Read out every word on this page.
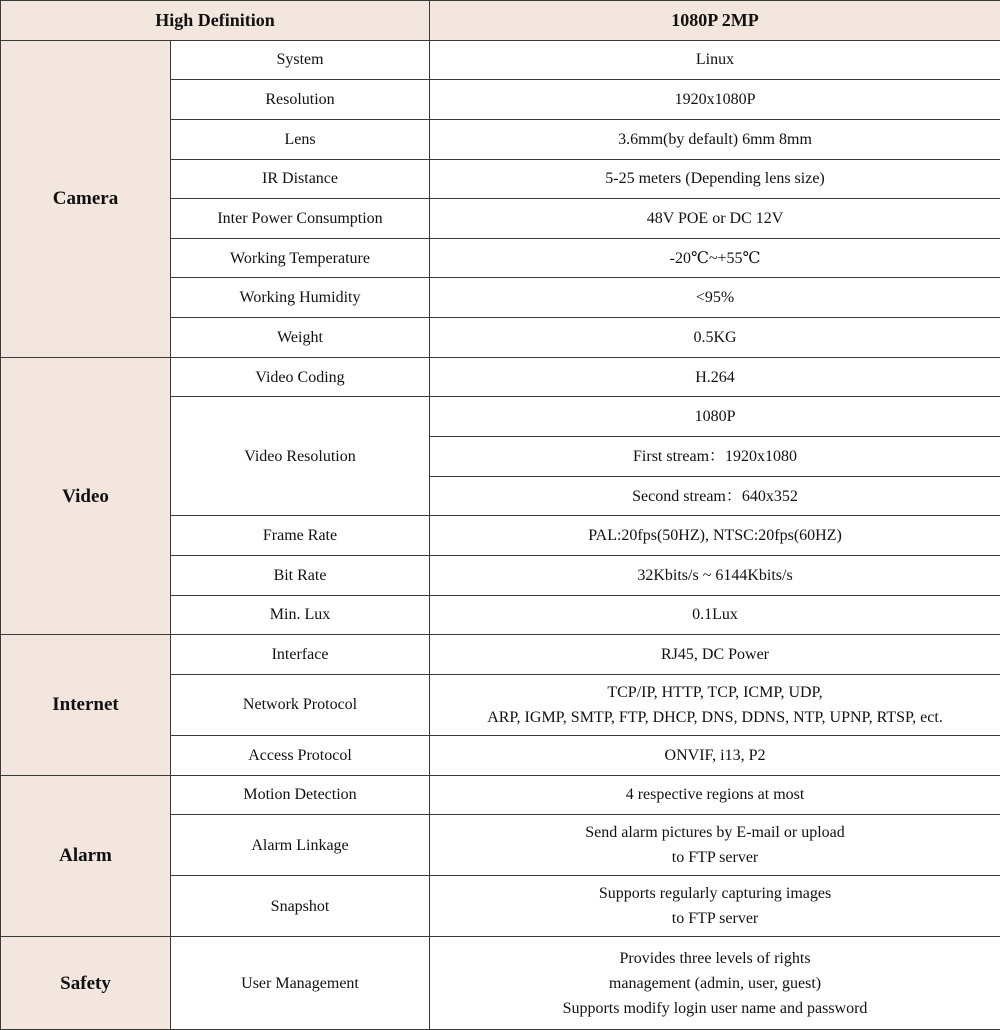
High Definition		1080P 2MP
Camera	System	Linux

	Resolution	1920x1080P

	Lens	3.6mm(by default) 6mm 8mm

	IR Distance	5-25 meters (Depending lens size)

	Inter Power Consumption	48V POE or DC 12V

	Working Temperature	-20℃~+55℃

	Working Humidity	<95%

	Weight	0.5KG

Video	Video Coding	H.264

	Video Resolution	1080P

		First stream：1920x1080

		Second stream：640x352

	Frame Rate	PAL:20fps(50HZ), NTSC:20fps(60HZ)

	Bit Rate	32Kbits/s ~ 6144Kbits/s

	Min. Lux	0.1Lux

Internet	Interface	RJ45, DC Power

	Network Protocol	TCP/IP, HTTP, TCP, ICMP, UDP,
ARP, IGMP, SMTP, FTP, DHCP, DNS, DDNS, NTP, UPNP, RTSP, ect.

	Access Protocol	ONVIF, i13, P2

Alarm	Motion Detection	4 respective regions at most

	Alarm Linkage	Send alarm pictures by E-mail or upload
to FTP server

	Snapshot	Supports regularly capturing images
to FTP server

Safety	User Management	Provides three levels of rights
management (admin, user, guest)
Supports modify login user name and password
